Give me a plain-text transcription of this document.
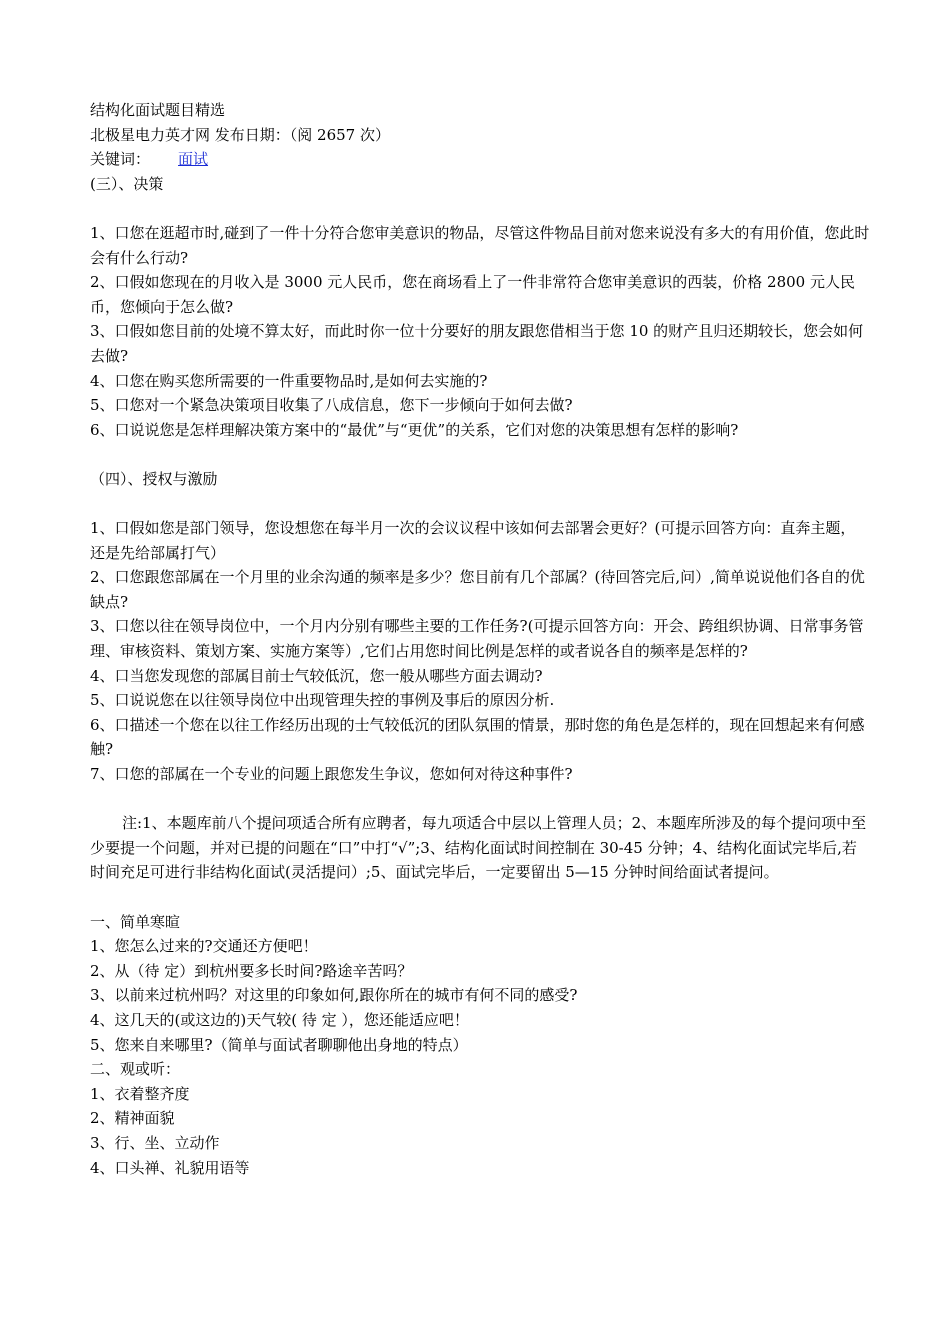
结构化面试题目精选
北极星电力英才网 发布日期：（阅 2657 次）
关键词： 面试
(三）、决策
1、口您在逛超市时,碰到了一件十分符合您审美意识的物品，尽管这件物品目前对您来说没有多大的有用价值，您此时会有什么行动?
2、口假如您现在的月收入是 3000 元人民币，您在商场看上了一件非常符合您审美意识的西装，价格 2800 元人民币，您倾向于怎么做?
3、口假如您目前的处境不算太好，而此时你一位十分要好的朋友跟您借相当于您 10 的财产且归还期较长，您会如何去做?
4、口您在购买您所需要的一件重要物品时,是如何去实施的?
5、口您对一个紧急决策项目收集了八成信息，您下一步倾向于如何去做?
6、口说说您是怎样理解决策方案中的“最优”与“更优”的关系，它们对您的决策思想有怎样的影响?
（四）、授权与激励
1、口假如您是部门领导，您设想您在每半月一次的会议议程中该如何去部署会更好？(可提示回答方向：直奔主题，还是先给部属打气）
2、口您跟您部属在一个月里的业余沟通的频率是多少？您目前有几个部属？(待回答完后,问）,简单说说他们各自的优缺点?
3、口您以往在领导岗位中，一个月内分别有哪些主要的工作任务?(可提示回答方向：开会、跨组织协调、日常事务管理、审核资料、策划方案、实施方案等）,它们占用您时间比例是怎样的或者说各自的频率是怎样的?
4、口当您发现您的部属目前士气较低沉，您一般从哪些方面去调动?
5、口说说您在以往领导岗位中出现管理失控的事例及事后的原因分析.
6、口描述一个您在以往工作经历出现的士气较低沉的团队氛围的情景，那时您的角色是怎样的，现在回想起来有何感触?
7、口您的部属在一个专业的问题上跟您发生争议，您如何对待这种事件?
注:1、本题库前八个提问项适合所有应聘者，每九项适合中层以上管理人员；2、本题库所涉及的每个提问项中至少要提一个问题，并对已提的问题在“口”中打“√”;3、结构化面试时间控制在 30-45 分钟；4、结构化面试完毕后,若时间充足可进行非结构化面试(灵活提问）;5、面试完毕后，一定要留出 5—15 分钟时间给面试者提问。
一、简单寒暄
1、您怎么过来的?交通还方便吧！
2、从（待 定）到杭州要多长时间?路途辛苦吗？
3、以前来过杭州吗？对这里的印象如何,跟你所在的城市有何不同的感受?
4、这几天的(或这边的)天气较( 待 定 ），您还能适应吧！
5、您来自来哪里?（简单与面试者聊聊他出身地的特点）
二、观或听：
1、衣着整齐度
2、精神面貌
3、行、坐、立动作
4、口头禅、礼貌用语等
